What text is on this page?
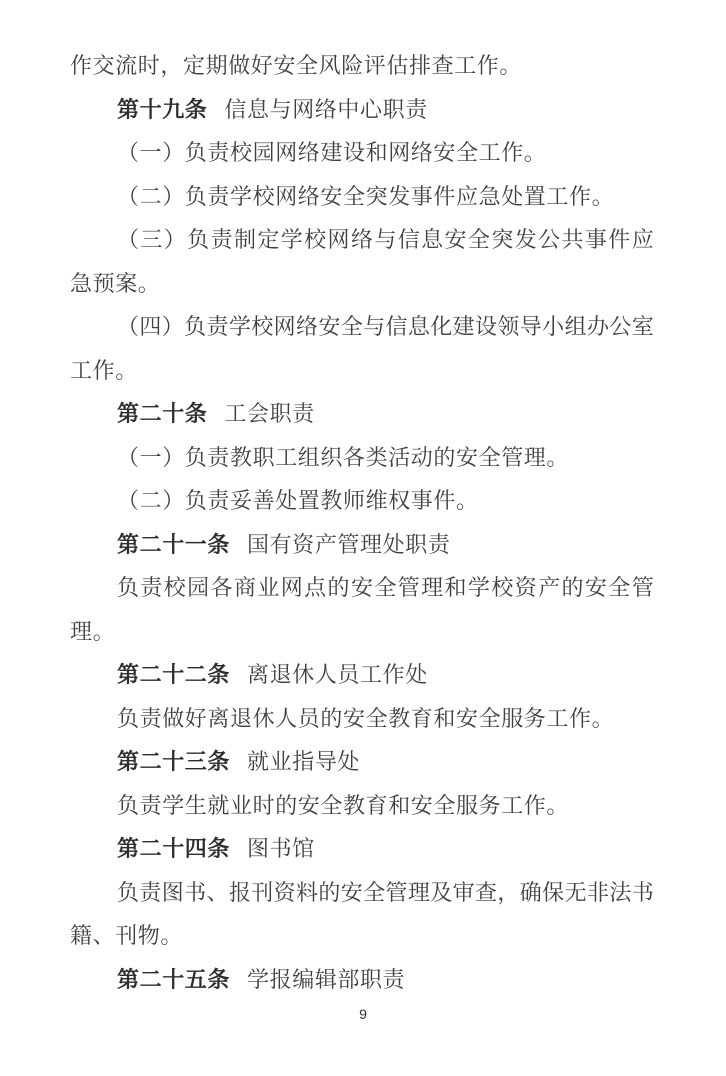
作交流时，定期做好安全风险评估排查工作。
第十九条 信息与网络中心职责
（一）负责校园网络建设和网络安全工作。
（二）负责学校网络安全突发事件应急处置工作。
（三）负责制定学校网络与信息安全突发公共事件应
急预案。
（四）负责学校网络安全与信息化建设领导小组办公室
工作。
第二十条 工会职责
（一）负责教职工组织各类活动的安全管理。
（二）负责妥善处置教师维权事件。
第二十一条 国有资产管理处职责
负责校园各商业网点的安全管理和学校资产的安全管
理。
第二十二条 离退休人员工作处
负责做好离退休人员的安全教育和安全服务工作。
第二十三条 就业指导处
负责学生就业时的安全教育和安全服务工作。
第二十四条 图书馆
负责图书、报刊资料的安全管理及审查，确保无非法书
籍、刊物。
第二十五条 学报编辑部职责
9
